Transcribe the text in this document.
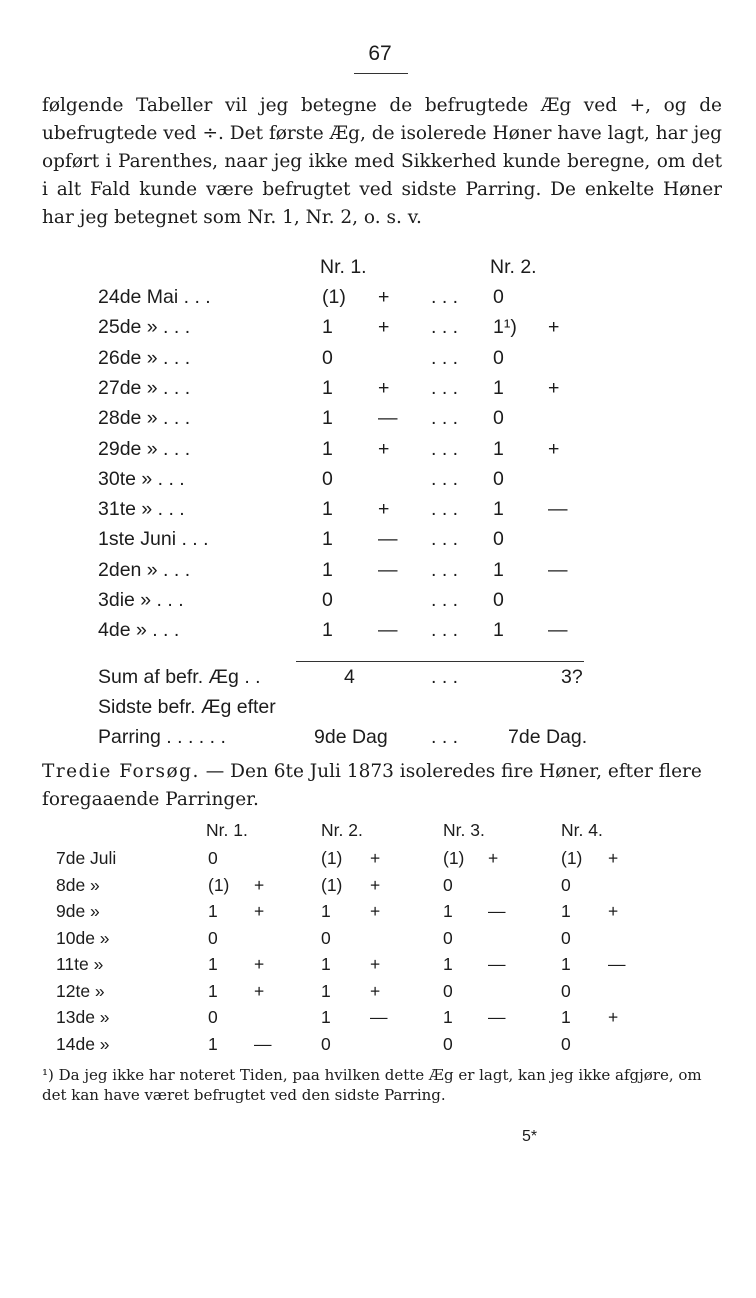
67

følgende Tabeller vil jeg betegne de befrugtede Æg ved +, og de ubefrugtede ved ÷. Det første Æg, de isolerede Høner have lagt, har jeg opført i Parenthes, naar jeg ikke med Sikkerhed kunde beregne, om det i alt Fald kunde være befrugtet ved sidste Parring. De enkelte Høner har jeg betegnet som Nr. 1, Nr. 2, o. s. v.

Nr. 1.	Nr. 2.
24de Mai . . .	(1) + . . . 0
25de » . . .	1 + . . . 1¹) +
26de » . . .	0	. . . 0
27de » . . .	1 + . . . 1 +
28de » . . .	1 — . . . 0
29de » . . .	1 + . . . 1 +
30te » . . .	0	. . . 0
31te » . . .	1 + . . . 1 —
1ste Juni . . .	1 — . . . 0
2den » . . .	1 — . . . 1 —
3die » . . .	0	. . . 0
4de » . . .	1 — . . . 1 —
Sum af befr. Æg . .	4	. . .	3?
Sidste befr. Æg efter
Parring . . . . . .	9de Dag . . .	7de Dag.

Tredie Forsøg. — Den 6te Juli 1873 isoleredes fire Høner, efter flere foregaaende Parringer.

Nr. 1.	Nr. 2.	Nr. 3.	Nr. 4.
7de Juli	0	(1) +	(1) +	(1) +
8de »	(1) +	(1) +	0	0
9de »	1 +	1 +	1 —	1 +
10de »	0	0	0	0
11te »	1 +	1 +	1 —	1 —
12te »	1 +	1 +	0	0
13de »	0	1 —	1 —	1 +
14de »	1 —	0	0	0

¹) Da jeg ikke har noteret Tiden, paa hvilken dette Æg er lagt, kan jeg ikke afgjøre, om det kan have været befrugtet ved den sidste Parring.

5*
